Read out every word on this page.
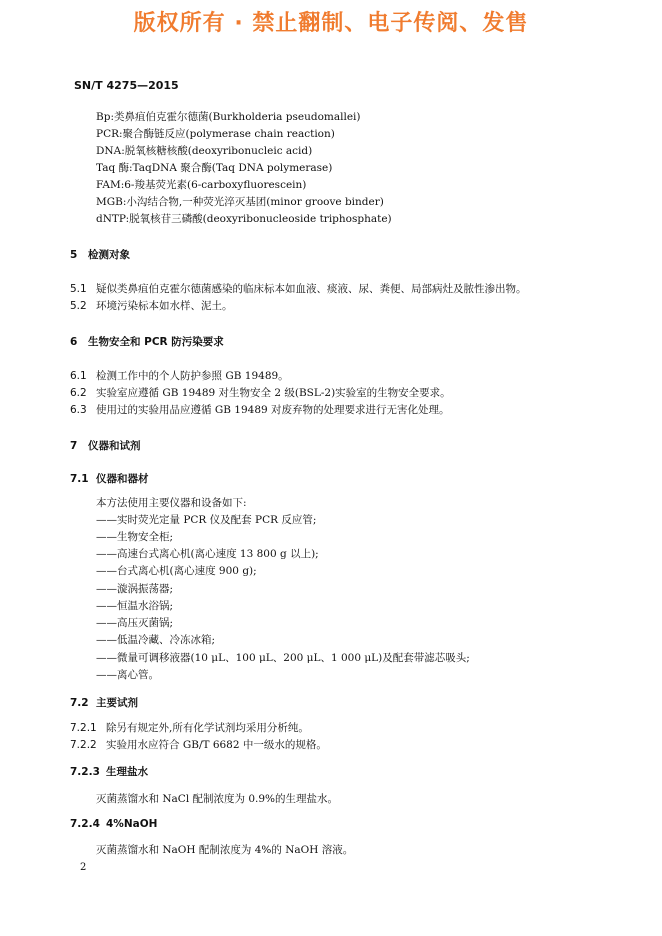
版权所有 · 禁止翻制、电子传阅、发售
SN/T 4275—2015
Bp:类鼻疽伯克霍尔德菌(Burkholderia pseudomallei)
PCR:聚合酶链反应(polymerase chain reaction)
DNA:脱氧核糖核酸(deoxyribonucleic acid)
Taq 酶:TaqDNA 聚合酶(Taq DNA polymerase)
FAM:6-羧基荧光素(6-carboxyfluorescein)
MGB:小沟结合物,一种荧光淬灭基团(minor groove binder)
dNTP:脱氧核苷三磷酸(deoxyribonucleoside triphosphate)
5 检测对象
5.1 疑似类鼻疽伯克霍尔德菌感染的临床标本如血液、痰液、尿、粪便、局部病灶及脓性渗出物。
5.2 环境污染标本如水样、泥土。
6 生物安全和 PCR 防污染要求
6.1 检测工作中的个人防护参照 GB 19489。
6.2 实验室应遵循 GB 19489 对生物安全 2 级(BSL-2)实验室的生物安全要求。
6.3 使用过的实验用品应遵循 GB 19489 对废弃物的处理要求进行无害化处理。
7 仪器和试剂
7.1 仪器和器材
本方法使用主要仪器和设备如下:
——实时荧光定量 PCR 仪及配套 PCR 反应管;
——生物安全柜;
——高速台式离心机(离心速度 13 800 g 以上);
——台式离心机(离心速度 900 g);
——漩涡振荡器;
——恒温水浴锅;
——高压灭菌锅;
——低温冷藏、冷冻冰箱;
——微量可调移液器(10 μL、100 μL、200 μL、1 000 μL)及配套带滤芯吸头;
——离心管。
7.2 主要试剂
7.2.1 除另有规定外,所有化学试剂均采用分析纯。
7.2.2 实验用水应符合 GB/T 6682 中一级水的规格。
7.2.3 生理盐水
灭菌蒸馏水和 NaCl 配制浓度为 0.9%的生理盐水。
7.2.4 4%NaOH
灭菌蒸馏水和 NaOH 配制浓度为 4%的 NaOH 溶液。
2
